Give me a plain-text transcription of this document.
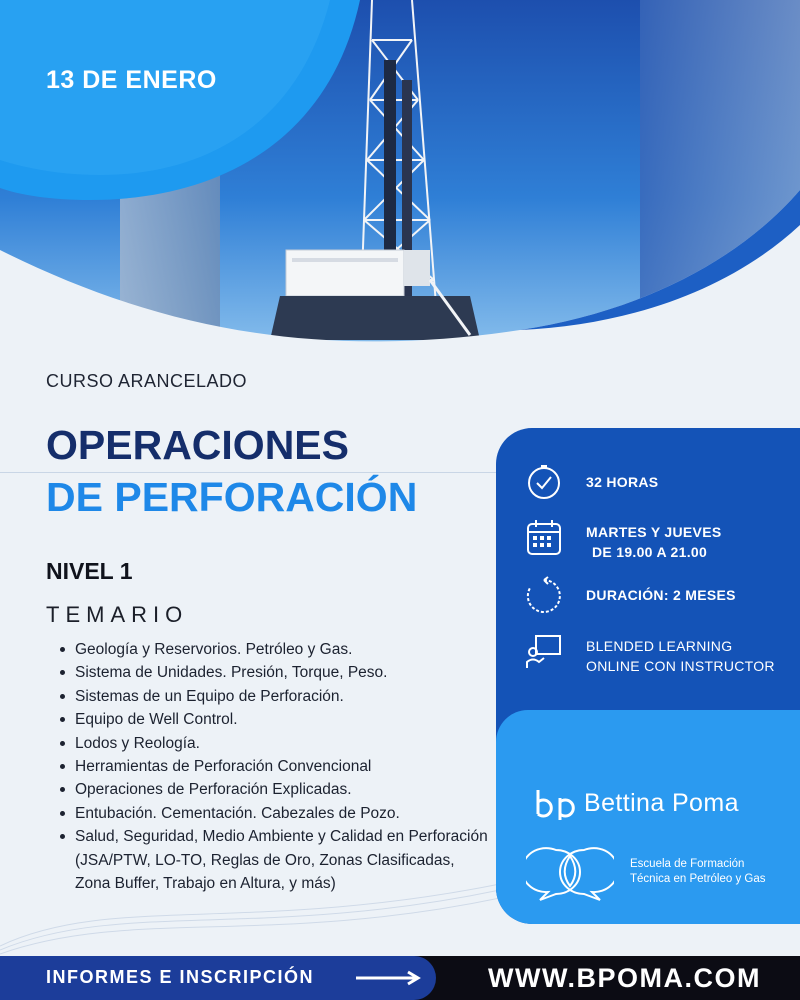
13 DE ENERO
CURSO ARANCELADO
OPERACIONES
DE PERFORACIÓN
NIVEL 1
TEMARIO
Geología y Reservorios. Petróleo y Gas.
Sistema de Unidades. Presión, Torque, Peso.
Sistemas de un Equipo de Perforación.
Equipo de Well Control.
Lodos y Reología.
Herramientas de Perforación Convencional
Operaciones de Perforación Explicadas.
Entubación. Cementación. Cabezales de Pozo.
Salud, Seguridad, Medio Ambiente y Calidad en Perforación (JSA/PTW, LO-TO, Reglas de Oro, Zonas Clasificadas, Zona Buffer, Trabajo en Altura, y más)
32 HORAS
MARTES Y JUEVES
DE 19.00 A 21.00
DURACIÓN: 2 MESES
BLENDED LEARNING
ONLINE CON INSTRUCTOR
Bettina Poma
Escuela de Formación
Técnica en Petróleo y Gas
INFORMES E INSCRIPCIÓN	WWW.BPOMA.COM
